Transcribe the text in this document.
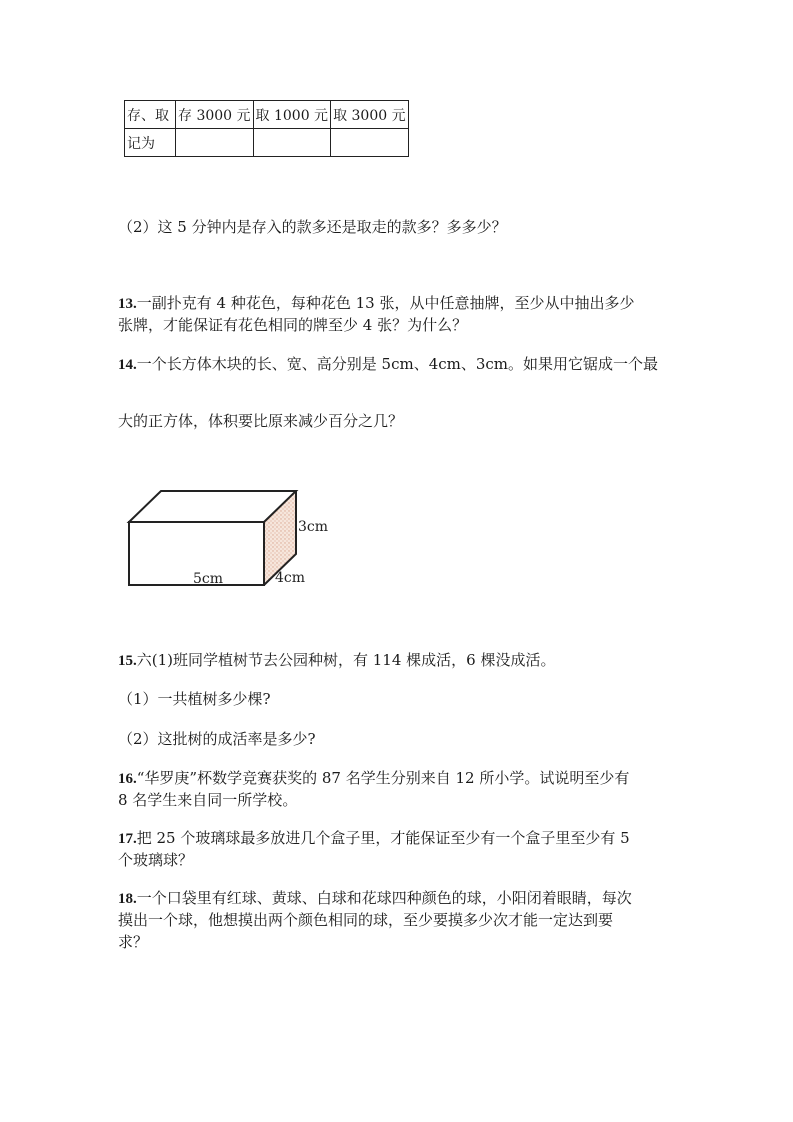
存、取	存 3000 元	取 1000 元	取 3000 元
记为			
（2）这 5 分钟内是存入的款多还是取走的款多？多多少？
13.一副扑克有 4 种花色，每种花色 13 张，从中任意抽牌，至少从中抽出多少
张牌，才能保证有花色相同的牌至少 4 张？为什么？
14.一个长方体木块的长、宽、高分别是 5cm、4cm、3cm。如果用它锯成一个最
大的正方体，体积要比原来减少百分之几？
3cm
5cm	4cm
15.六(1)班同学植树节去公园种树，有 114 棵成活，6 棵没成活。
（1）一共植树多少棵?
（2）这批树的成活率是多少?
16.“华罗庚”杯数学竞赛获奖的 87 名学生分别来自 12 所小学。试说明至少有
8 名学生来自同一所学校。
17.把 25 个玻璃球最多放进几个盒子里，才能保证至少有一个盒子里至少有 5
个玻璃球？
18.一个口袋里有红球、黄球、白球和花球四种颜色的球，小阳闭着眼睛，每次
摸出一个球，他想摸出两个颜色相同的球，至少要摸多少次才能一定达到要
求？
